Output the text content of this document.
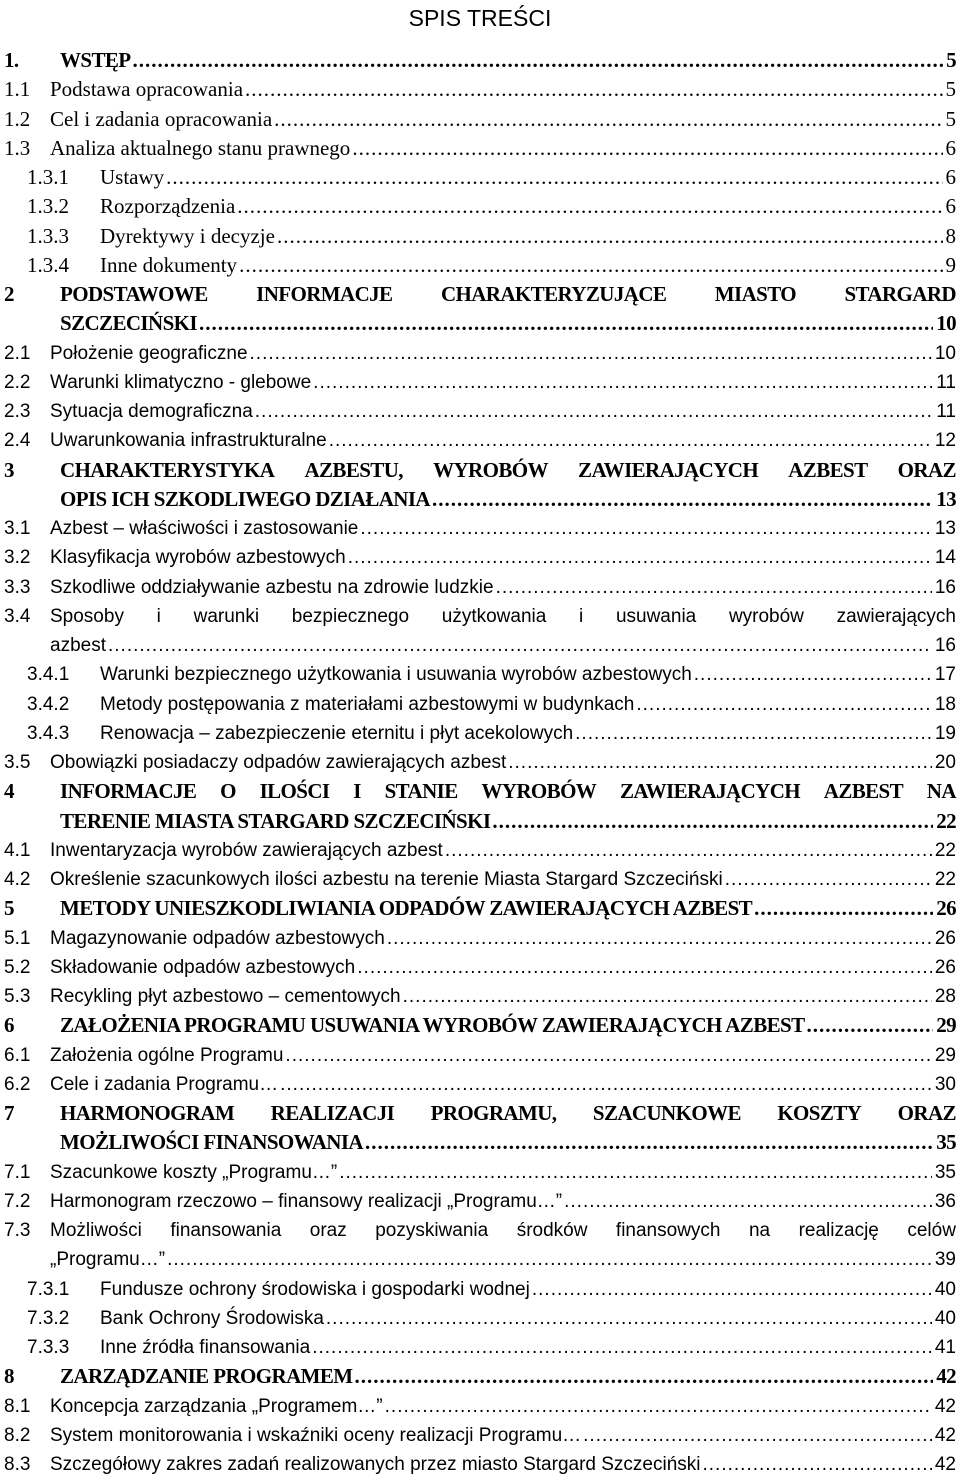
SPIS TREŚCI
1. WSTĘP .....	5
1.1 Podstawa opracowania .....	5
1.2 Cel i zadania opracowania .....	5
1.3 Analiza aktualnego stanu prawnego .....	6
1.3.1 Ustawy .....	6
1.3.2 Rozporządzenia .....	6
1.3.3 Dyrektywy i decyzje .....	8
1.3.4 Inne dokumenty .....	9
2 PODSTAWOWE INFORMACJE CHARAKTERYZUJĄCE MIASTO STARGARD
SZCZECIŃSKI .....	10
2.1 Położenie geograficzne .....	10
2.2 Warunki klimatyczno - glebowe .....	11
2.3 Sytuacja demograficzna .....	11
2.4 Uwarunkowania infrastrukturalne .....	12
3 CHARAKTERYSTYKA AZBESTU, WYROBÓW ZAWIERAJĄCYCH AZBEST ORAZ
OPIS ICH SZKODLIWEGO DZIAŁANIA .....	13
3.1 Azbest – właściwości i zastosowanie .....	13
3.2 Klasyfikacja wyrobów azbestowych .....	14
3.3 Szkodliwe oddziaływanie azbestu na zdrowie ludzkie .....	16
3.4 Sposoby i warunki bezpiecznego użytkowania i usuwania wyrobów zawierających
azbest .....	16
3.4.1 Warunki bezpiecznego użytkowania i usuwania wyrobów azbestowych .....	17
3.4.2 Metody postępowania z materiałami azbestowymi w budynkach .....	18
3.4.3 Renowacja – zabezpieczenie eternitu i płyt acekolowych .....	19
3.5 Obowiązki posiadaczy odpadów zawierających azbest .....	20
4 INFORMACJE O ILOŚCI I STANIE WYROBÓW ZAWIERAJĄCYCH AZBEST NA
TERENIE MIASTA STARGARD SZCZECIŃSKI .....	22
4.1 Inwentaryzacja wyrobów zawierających azbest .....	22
4.2 Określenie szacunkowych ilości azbestu na terenie Miasta Stargard Szczeciński .....	22
5 METODY UNIESZKODLIWIANIA ODPADÓW ZAWIERAJĄCYCH AZBEST .....	26
5.1 Magazynowanie odpadów azbestowych .....	26
5.2 Składowanie odpadów azbestowych .....	26
5.3 Recykling płyt azbestowo – cementowych .....	28
6 ZAŁOŻENIA PROGRAMU USUWANIA WYROBÓW ZAWIERAJĄCYCH AZBEST .....	29
6.1 Założenia ogólne Programu .....	29
6.2 Cele i zadania Programu… .....	30
7 HARMONOGRAM REALIZACJI PROGRAMU, SZACUNKOWE KOSZTY ORAZ
MOŻLIWOŚCI FINANSOWANIA .....	35
7.1 Szacunkowe koszty „Programu…” .....	35
7.2 Harmonogram rzeczowo – finansowy realizacji „Programu…” .....	36
7.3 Możliwości finansowania oraz pozyskiwania środków finansowych na realizację celów
„Programu…” .....	39
7.3.1 Fundusze ochrony środowiska i gospodarki wodnej .....	40
7.3.2 Bank Ochrony Środowiska .....	40
7.3.3 Inne źródła finansowania .....	41
8 ZARZĄDZANIE PROGRAMEM .....	42
8.1 Koncepcja zarządzania „Programem…” .....	42
8.2 System monitorowania i wskaźniki oceny realizacji Programu… .....	42
8.3 Szczegółowy zakres zadań realizowanych przez miasto Stargard Szczeciński .....	42
